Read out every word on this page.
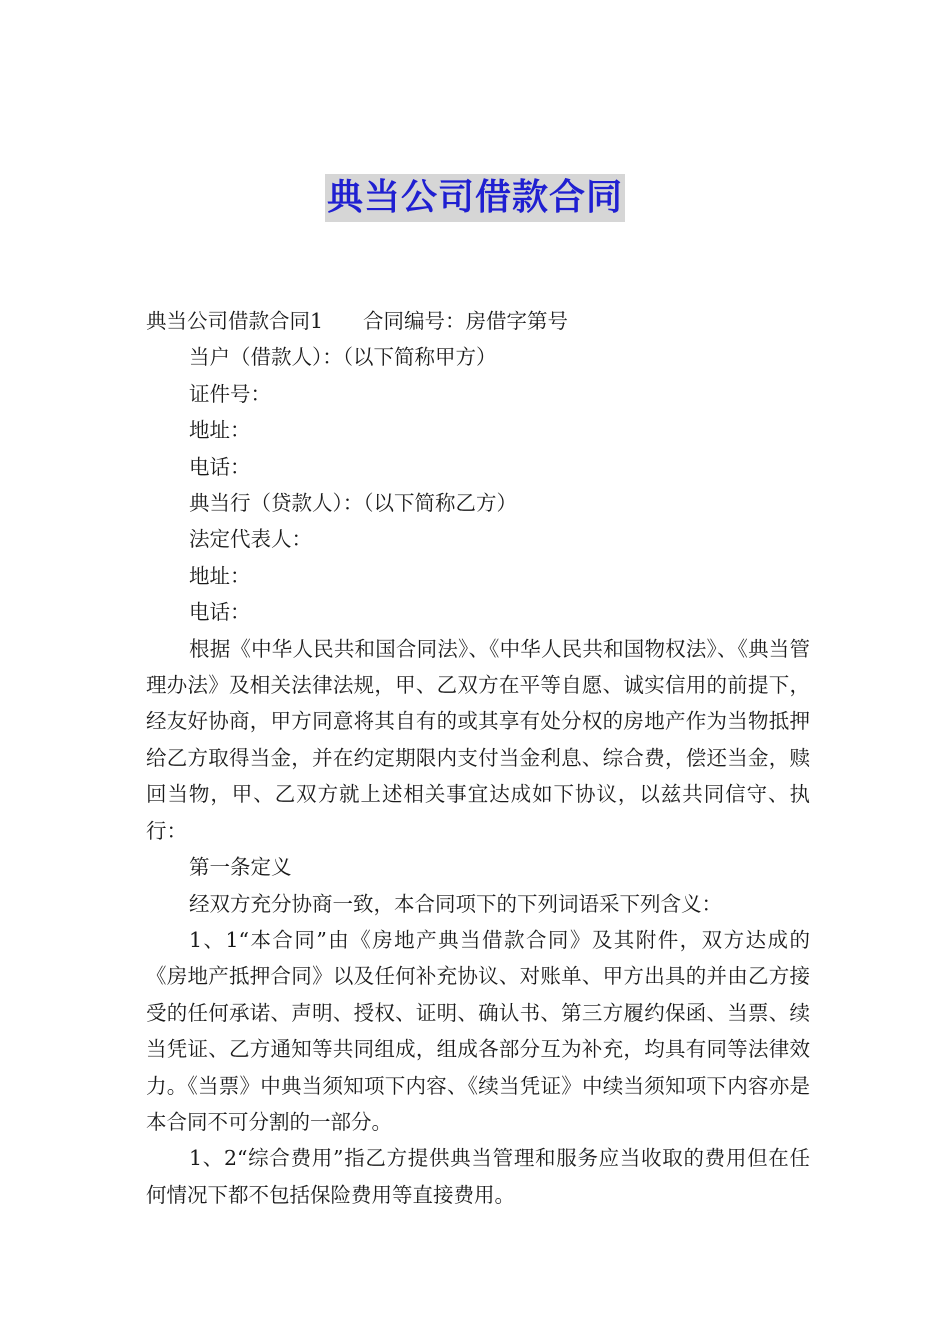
典当公司借款合同
典当公司借款合同1 合同编号：房借字第号
当户（借款人）：（以下简称甲方）
证件号：
地址：
电话：
典当行（贷款人）：（以下简称乙方）
法定代表人：
地址：
电话：

根据《中华人民共和国合同法》、《中华人民共和国物权法》、《典当管理办法》及相关法律法规，甲、乙双方在平等自愿、诚实信用的前提下，经友好协商，甲方同意将其自有的或其享有处分权的房地产作为当物抵押给乙方取得当金，并在约定期限内支付当金利息、综合费，偿还当金，赎回当物，甲、乙双方就上述相关事宜达成如下协议，以兹共同信守、执行：

第一条定义
经双方充分协商一致，本合同项下的下列词语采下列含义：

1、1“本合同”由《房地产典当借款合同》及其附件，双方达成的《房地产抵押合同》以及任何补充协议、对账单、甲方出具的并由乙方接受的任何承诺、声明、授权、证明、确认书、第三方履约保函、当票、续当凭证、乙方通知等共同组成，组成各部分互为补充，均具有同等法律效力。《当票》中典当须知项下内容、《续当凭证》中续当须知项下内容亦是本合同不可分割的一部分。

1、2“综合费用”指乙方提供典当管理和服务应当收取的费用但在任何情况下都不包括保险费用等直接费用。
